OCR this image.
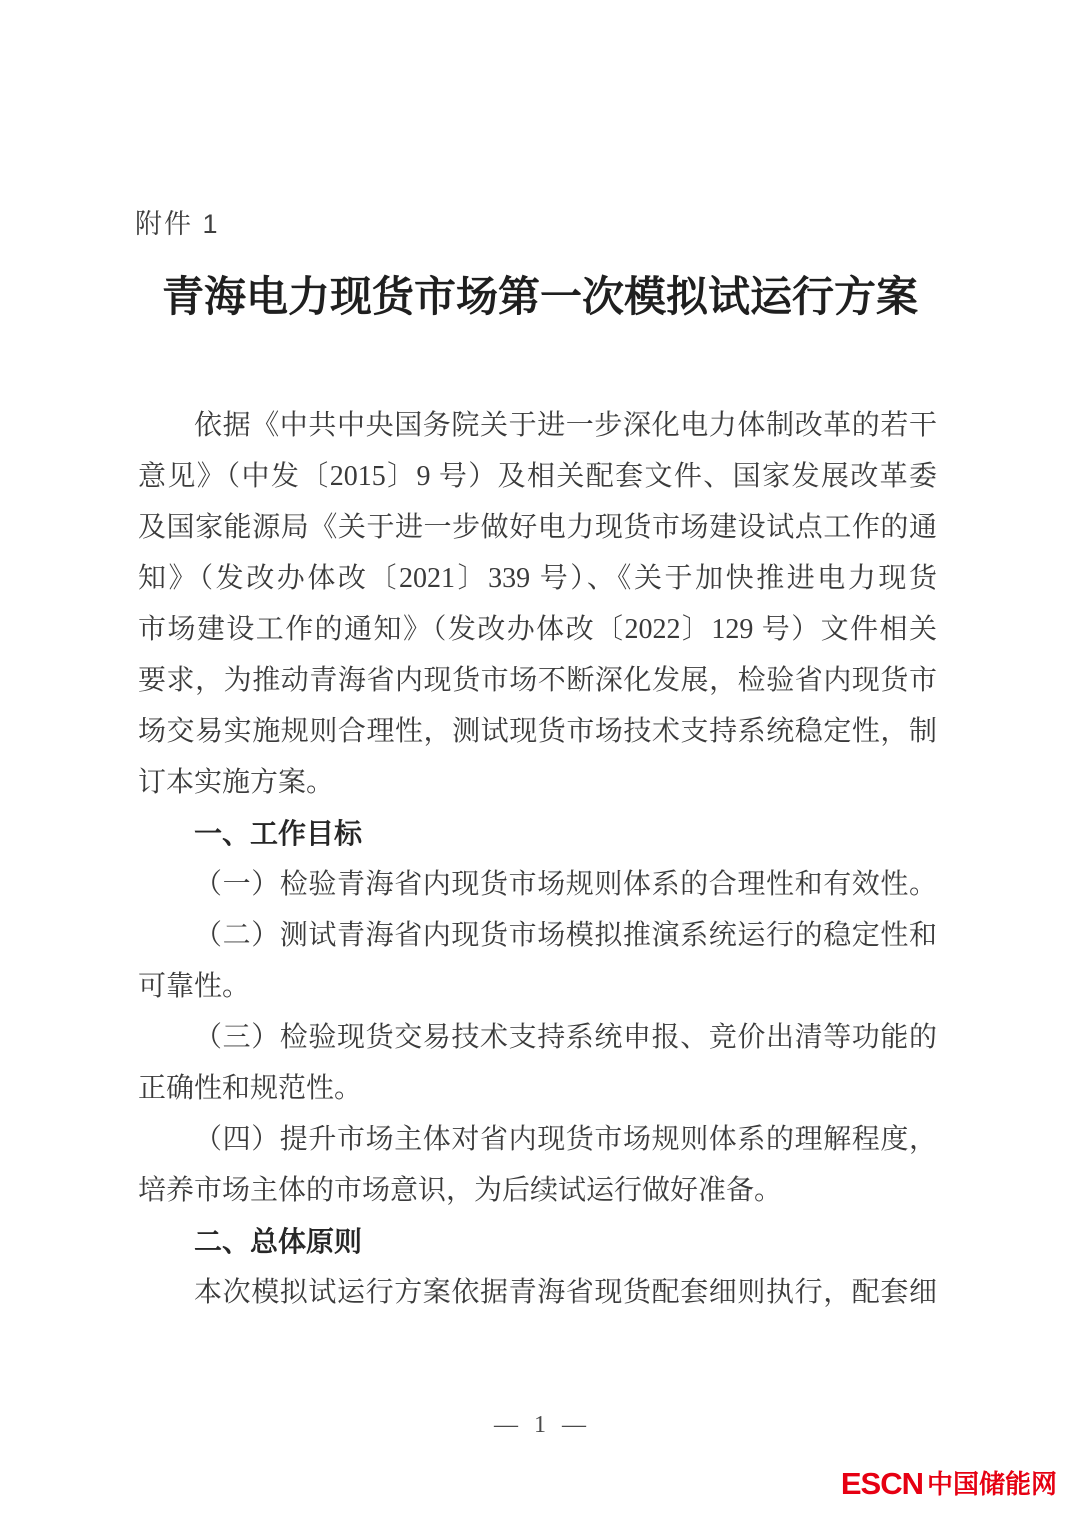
附件 1
青海电力现货市场第一次模拟试运行方案
依据《中共中央国务院关于进一步深化电力体制改革的若干
意见》（中发〔2015〕9 号）及相关配套文件、国家发展改革委
及国家能源局《关于进一步做好电力现货市场建设试点工作的通
知》（发改办体改〔2021〕339 号）、《关于加快推进电力现货
市场建设工作的通知》（发改办体改〔2022〕129 号）文件相关
要求，为推动青海省内现货市场不断深化发展，检验省内现货市
场交易实施规则合理性，测试现货市场技术支持系统稳定性，制
订本实施方案。
一、工作目标
（一）检验青海省内现货市场规则体系的合理性和有效性。
（二）测试青海省内现货市场模拟推演系统运行的稳定性和
可靠性。
（三）检验现货交易技术支持系统申报、竞价出清等功能的
正确性和规范性。
（四）提升市场主体对省内现货市场规则体系的理解程度，
培养市场主体的市场意识，为后续试运行做好准备。
二、总体原则
本次模拟试运行方案依据青海省现货配套细则执行，配套细
— 1 —
ESCN 中国储能网
